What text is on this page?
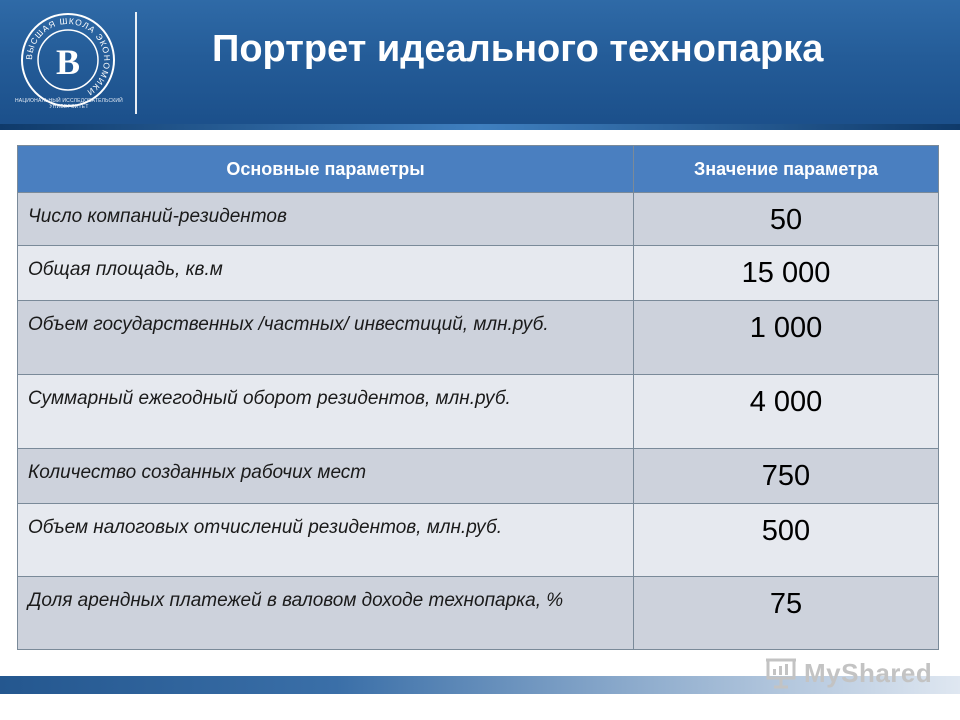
ВЫСШАЯ ШКОЛА ЭКОНОМИКИ
В
НАЦИОНАЛЬНЫЙ ИССЛЕДОВАТЕЛЬСКИЙ УНИВЕРСИТЕТ
Портрет идеального технопарка
Основные параметры	Значение параметра
Число компаний-резидентов	50
Общая площадь, кв.м	15 000
Объем государственных /частных/ инвестиций, млн.руб.	1 000
Суммарный ежегодный оборот резидентов, млн.руб.	4 000
Количество созданных рабочих мест	750
Объем налоговых отчислений резидентов, млн.руб.	500
Доля арендных платежей в валовом доходе технопарка, %	75
MyShared
